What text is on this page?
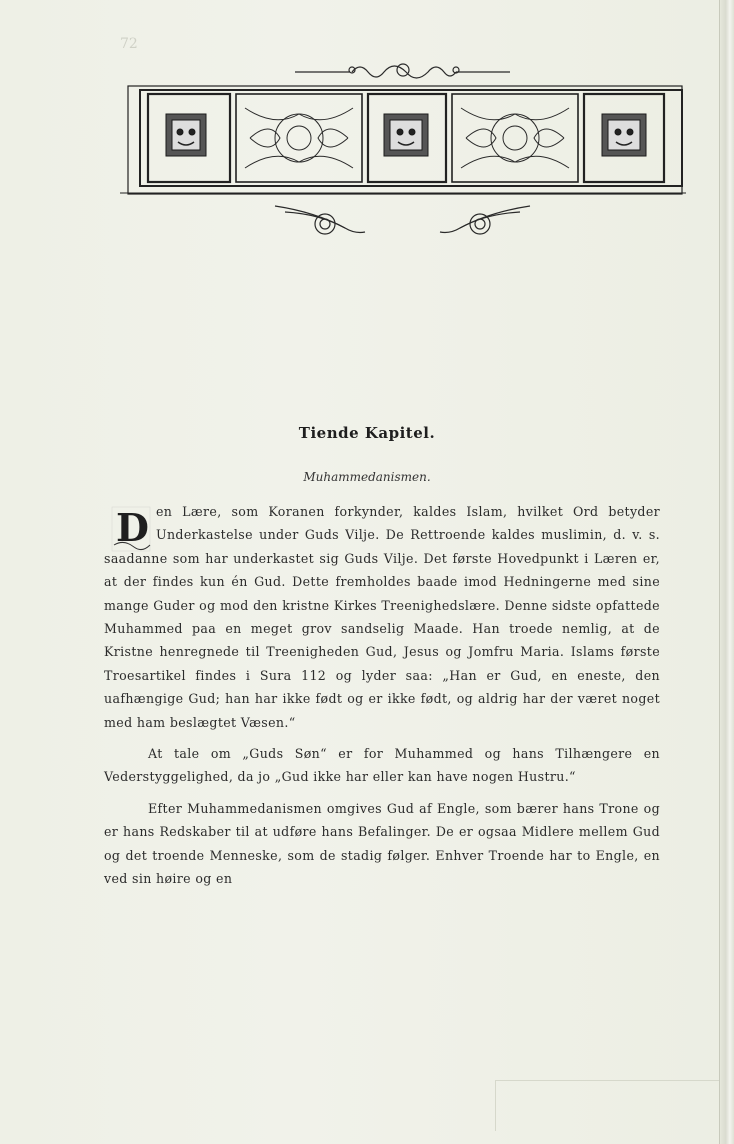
72
Tiende Kapitel.
Muhammedanismen.
D en Lære, som Koranen forkynder, kaldes Islam, hvilket Ord betyder Underkastelse under Guds Vilje. De Rettroende kaldes muslimin, d. v. s. saadanne som har underkastet sig Guds Vilje. Det første Hovedpunkt i Læren er, at der findes kun én Gud. Dette fremholdes baade imod Hedningerne med sine mange Guder og mod den kristne Kirkes Treenighedslære. Denne sidste opfattede Muhammed paa en meget grov sandselig Maade. Han troede nemlig, at de Kristne henregnede til Treenigheden Gud, Jesus og Jomfru Maria. Islams første Troesartikel findes i Sura 112 og lyder saa: „Han er Gud, en eneste, den uafhængige Gud; han har ikke født og er ikke født, og aldrig har der været noget med ham beslægtet Væsen.“

At tale om „Guds Søn“ er for Muhammed og hans Tilhængere en Vederstyggelighed, da jo „Gud ikke har eller kan have nogen Hustru.“

Efter Muhammedanismen omgives Gud af Engle, som bærer hans Trone og er hans Redskaber til at udføre hans Befalinger. De er ogsaa Midlere mellem Gud og det troende Menneske, som de stadig følger. Enhver Troende har to Engle, en ved sin høire og en
